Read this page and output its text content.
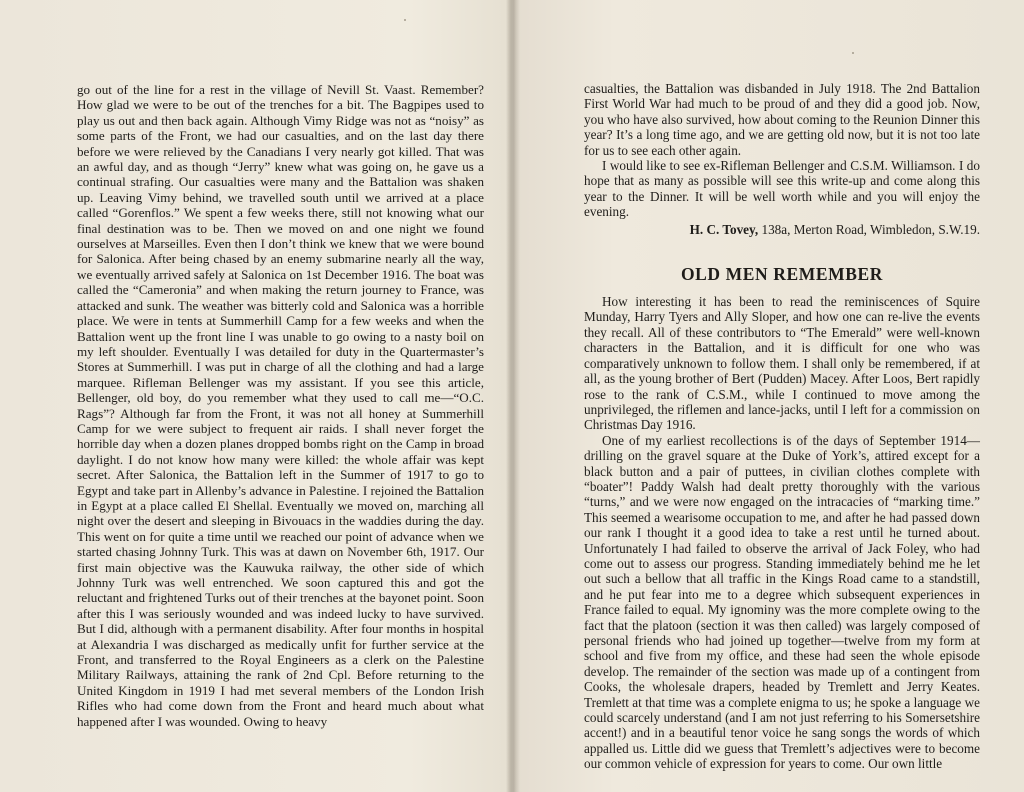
go out of the line for a rest in the village of Nevill St. Vaast. Remember? How glad we were to be out of the trenches for a bit. The Bagpipes used to play us out and then back again. Although Vimy Ridge was not as “noisy” as some parts of the Front, we had our casualties, and on the last day there before we were relieved by the Canadians I very nearly got killed. That was an awful day, and as though “Jerry” knew what was going on, he gave us a continual strafing. Our casualties were many and the Battalion was shaken up. Leaving Vimy behind, we travelled south until we arrived at a place called “Gorenflos.” We spent a few weeks there, still not knowing what our final destination was to be. Then we moved on and one night we found ourselves at Marseilles. Even then I don’t think we knew that we were bound for Salonica. After being chased by an enemy submarine nearly all the way, we eventually arrived safely at Salonica on 1st December 1916. The boat was called the “Cameronia” and when making the return journey to France, was attacked and sunk. The weather was bitterly cold and Salonica was a horrible place. We were in tents at Summerhill Camp for a few weeks and when the Battalion went up the front line I was unable to go owing to a nasty boil on my left shoulder. Eventually I was detailed for duty in the Quartermaster’s Stores at Summerhill. I was put in charge of all the clothing and had a large marquee. Rifleman Bellenger was my assistant. If you see this article, Bellenger, old boy, do you remember what they used to call me—“O.C. Rags”? Although far from the Front, it was not all honey at Summerhill Camp for we were subject to frequent air raids. I shall never forget the horrible day when a dozen planes dropped bombs right on the Camp in broad daylight. I do not know how many were killed: the whole affair was kept secret. After Salonica, the Battalion left in the Summer of 1917 to go to Egypt and take part in Allenby’s advance in Palestine. I rejoined the Battalion in Egypt at a place called El Shellal. Eventually we moved on, marching all night over the desert and sleeping in Bivouacs in the waddies during the day. This went on for quite a time until we reached our point of advance when we started chasing Johnny Turk. This was at dawn on November 6th, 1917. Our first main objective was the Kauwuka railway, the other side of which Johnny Turk was well entrenched. We soon captured this and got the reluctant and frightened Turks out of their trenches at the bayonet point. Soon after this I was seriously wounded and was indeed lucky to have survived. But I did, although with a permanent disability. After four months in hospital at Alexandria I was discharged as medically unfit for further service at the Front, and transferred to the Royal Engineers as a clerk on the Palestine Military Railways, attaining the rank of 2nd Cpl. Before returning to the United Kingdom in 1919 I had met several members of the London Irish Rifles who had come down from the Front and heard much about what happened after I was wounded. Owing to heavy

casualties, the Battalion was disbanded in July 1918. The 2nd Battalion First World War had much to be proud of and they did a good job. Now, you who have also survived, how about coming to the Reunion Dinner this year? It’s a long time ago, and we are getting old now, but it is not too late for us to see each other again.

I would like to see ex-Rifleman Bellenger and C.S.M. Williamson. I do hope that as many as possible will see this write-up and come along this year to the Dinner. It will be well worth while and you will enjoy the evening.

H. C. Tovey, 138a, Merton Road, Wimbledon, S.W.19.

OLD MEN REMEMBER

How interesting it has been to read the reminiscences of Squire Munday, Harry Tyers and Ally Sloper, and how one can re-live the events they recall. All of these contributors to “The Emerald” were well-known characters in the Battalion, and it is difficult for one who was comparatively unknown to follow them. I shall only be remembered, if at all, as the young brother of Bert (Pudden) Macey. After Loos, Bert rapidly rose to the rank of C.S.M., while I continued to move among the unprivileged, the riflemen and lance-jacks, until I left for a commission on Christmas Day 1916.

One of my earliest recollections is of the days of September 1914—drilling on the gravel square at the Duke of York’s, attired except for a black button and a pair of puttees, in civilian clothes complete with “boater”! Paddy Walsh had dealt pretty thoroughly with the various “turns,” and we were now engaged on the intracacies of “marking time.” This seemed a wearisome occupation to me, and after he had passed down our rank I thought it a good idea to take a rest until he turned about. Unfortunately I had failed to observe the arrival of Jack Foley, who had come out to assess our progress. Standing immediately behind me he let out such a bellow that all traffic in the Kings Road came to a standstill, and he put fear into me to a degree which subsequent experiences in France failed to equal. My ignominy was the more complete owing to the fact that the platoon (section it was then called) was largely composed of personal friends who had joined up together—twelve from my form at school and five from my office, and these had seen the whole episode develop. The remainder of the section was made up of a contingent from Cooks, the wholesale drapers, headed by Tremlett and Jerry Keates. Tremlett at that time was a complete enigma to us; he spoke a language we could scarcely understand (and I am not just referring to his Somersetshire accent!) and in a beautiful tenor voice he sang songs the words of which appalled us. Little did we guess that Tremlett’s adjectives were to become our common vehicle of expression for years to come. Our own little
